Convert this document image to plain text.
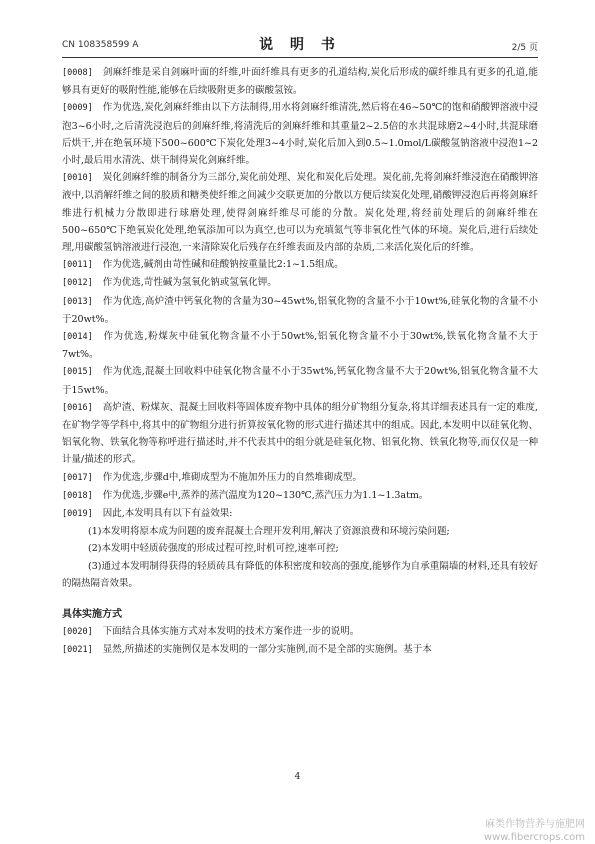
CN 108358599 A	说 明 书	2/5 页

[0008] 剑麻纤维是采自剑麻叶面的纤维,叶面纤维具有更多的孔道结构,炭化后形成的碳纤维具有更多的孔道,能够具有更好的吸附性能,能够在后续吸附更多的碳酸氢铵。

[0009] 作为优选,炭化剑麻纤维由以下方法制得,用水将剑麻纤维清洗,然后将在46~50℃的饱和硝酸钾溶液中浸泡3~6小时,之后清洗浸泡后的剑麻纤维,将清洗后的剑麻纤维和其重量2~2.5倍的水共混球磨2~4小时,共混球磨后烘干,并在绝氧环境下500~600℃下炭化处理3~4小时,炭化后加入到0.5~1.0mol/L碳酸氢钠溶液中浸泡1~2小时,最后用水清洗、烘干制得炭化剑麻纤维。

[0010] 炭化剑麻纤维的制备分为三部分,炭化前处理、炭化和炭化后处理。炭化前,先将剑麻纤维浸泡在硝酸钾溶液中,以消解纤维之间的胶质和糖类使纤维之间减少交联更加的分散以方便后续炭化处理,硝酸钾浸泡后再将剑麻纤维进行机械力分散即进行球磨处理,使得剑麻纤维尽可能的分散。炭化处理,将经前处理后的剑麻纤维在500~650℃下绝氧炭化处理,绝氧添加可以为真空,也可以为充填氮气等非氧化性气体的环境。炭化后,进行后续处理,用碳酸氢钠溶液进行浸泡,一来清除炭化后残存在纤维表面及内部的杂质,二来活化炭化后的纤维。

[0011] 作为优选,碱剂由苛性碱和硅酸钠按重量比2:1~1.5组成。

[0012] 作为优选,苛性碱为氢氧化钠或氢氧化钾。

[0013] 作为优选,高炉渣中钙氧化物的含量为30~45wt%,铝氧化物的含量不小于10wt%,硅氧化物的含量不小于20wt%。

[0014] 作为优选,粉煤灰中硅氧化物含量不小于50wt%,铝氧化物含量不小于30wt%,铁氧化物含量不大于7wt%。

[0015] 作为优选,混凝土回收料中硅氧化物含量不小于35wt%,钙氧化物含量不大于20wt%,铝氧化物含量不大于15wt%。

[0016] 高炉渣、粉煤灰、混凝土回收料等固体废弃物中具体的组分矿物组分复杂,将其详细表述具有一定的难度,在矿物学等学科中,将其中的矿物组分进行折算按氧化物的形式进行描述其中的组成。因此,本发明中以硅氧化物、铝氧化物、铁氧化物等称呼进行描述时,并不代表其中的组分就是硅氧化物、铝氧化物、铁氧化物等,而仅仅是一种计量/描述的形式。

[0017] 作为优选,步骤d中,堆砌成型为不施加外压力的自然堆砌成型。

[0018] 作为优选,步骤e中,蒸养的蒸汽温度为120~130℃,蒸汽压力为1.1~1.3atm。

[0019] 因此,本发明具有以下有益效果:

(1)本发明将原本成为问题的废弃混凝土合理开发利用,解决了资源浪费和环境污染问题;

(2)本发明中轻质砖强度的形成过程可控,时机可控,速率可控;

(3)通过本发明制得获得的轻质砖具有降低的体积密度和较高的强度,能够作为自承重隔墙的材料,还具有较好的隔热隔音效果。

具体实施方式

[0020] 下面结合具体实施方式对本发明的技术方案作进一步的说明。

[0021] 显然,所描述的实施例仅是本发明的一部分实施例,而不是全部的实施例。基于本

4
麻类作物营养与施肥网
www.fibercrops.com
